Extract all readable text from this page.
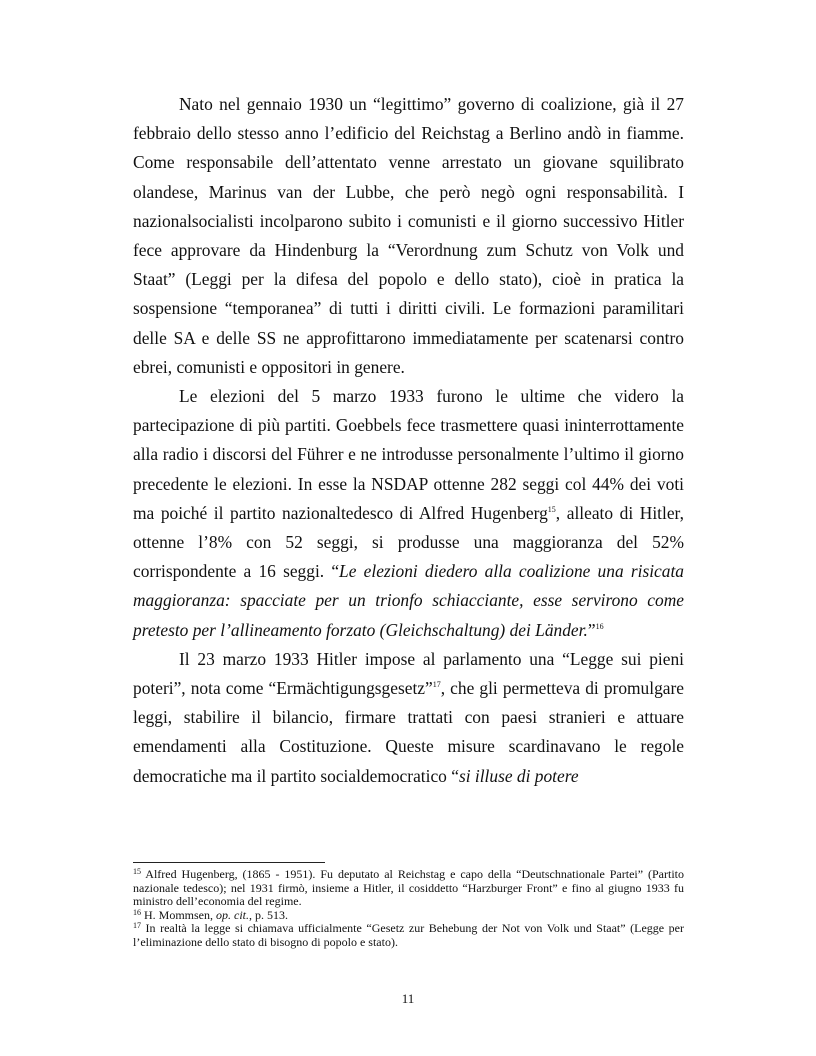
Nato nel gennaio 1930 un “legittimo” governo di coalizione, già il 27 febbraio dello stesso anno l’edificio del Reichstag a Berlino andò in fiamme. Come responsabile dell’attentato venne arrestato un giovane squilibrato olandese, Marinus van der Lubbe, che però negò ogni responsabilità. I nazionalsocialisti incolparono subito i comunisti e il giorno successivo Hitler fece approvare da Hindenburg la “Verordnung zum Schutz von Volk und Staat” (Leggi per la difesa del popolo e dello stato), cioè in pratica la sospensione “temporanea” di tutti i diritti civili. Le formazioni paramilitari delle SA e delle SS ne approfittarono immediatamente per scatenarsi contro ebrei, comunisti e oppositori in genere.

Le elezioni del 5 marzo 1933 furono le ultime che videro la partecipazione di più partiti. Goebbels fece trasmettere quasi ininterrottamente alla radio i discorsi del Führer e ne introdusse personalmente l’ultimo il giorno precedente le elezioni. In esse la NSDAP ottenne 282 seggi col 44% dei voti ma poiché il partito nazionaltedesco di Alfred Hugenberg$^{15}$, alleato di Hitler, ottenne l’8% con 52 seggi, si produsse una maggioranza del 52% corrispondente a 16 seggi. “Le elezioni diedero alla coalizione una risicata maggioranza: spacciate per un trionfo schiacciante, esse servirono come pretesto per l’allineamento forzato (Gleichschaltung) dei Länder.”$^{16}$

Il 23 marzo 1933 Hitler impose al parlamento una “Legge sui pieni poteri”, nota come “Ermächtigungsgesetz”$^{17}$, che gli permetteva di promulgare leggi, stabilire il bilancio, firmare trattati con paesi stranieri e attuare emendamenti alla Costituzione. Queste misure scardinavano le regole democratiche ma il partito socialdemocratico “si illuse di potere

$^{15}$ Alfred Hugenberg, (1865 - 1951). Fu deputato al Reichstag e capo della “Deutschnationale Partei” (Partito nazionale tedesco); nel 1931 firmò, insieme a Hitler, il cosiddetto “Harzburger Front” e fino al giugno 1933 fu ministro dell’economia del regime.

$^{16}$ H. Mommsen, op. cit., p. 513.

$^{17}$ In realtà la legge si chiamava ufficialmente “Gesetz zur Behebung der Not von Volk und Staat” (Legge per l’eliminazione dello stato di bisogno di popolo e stato).

11
